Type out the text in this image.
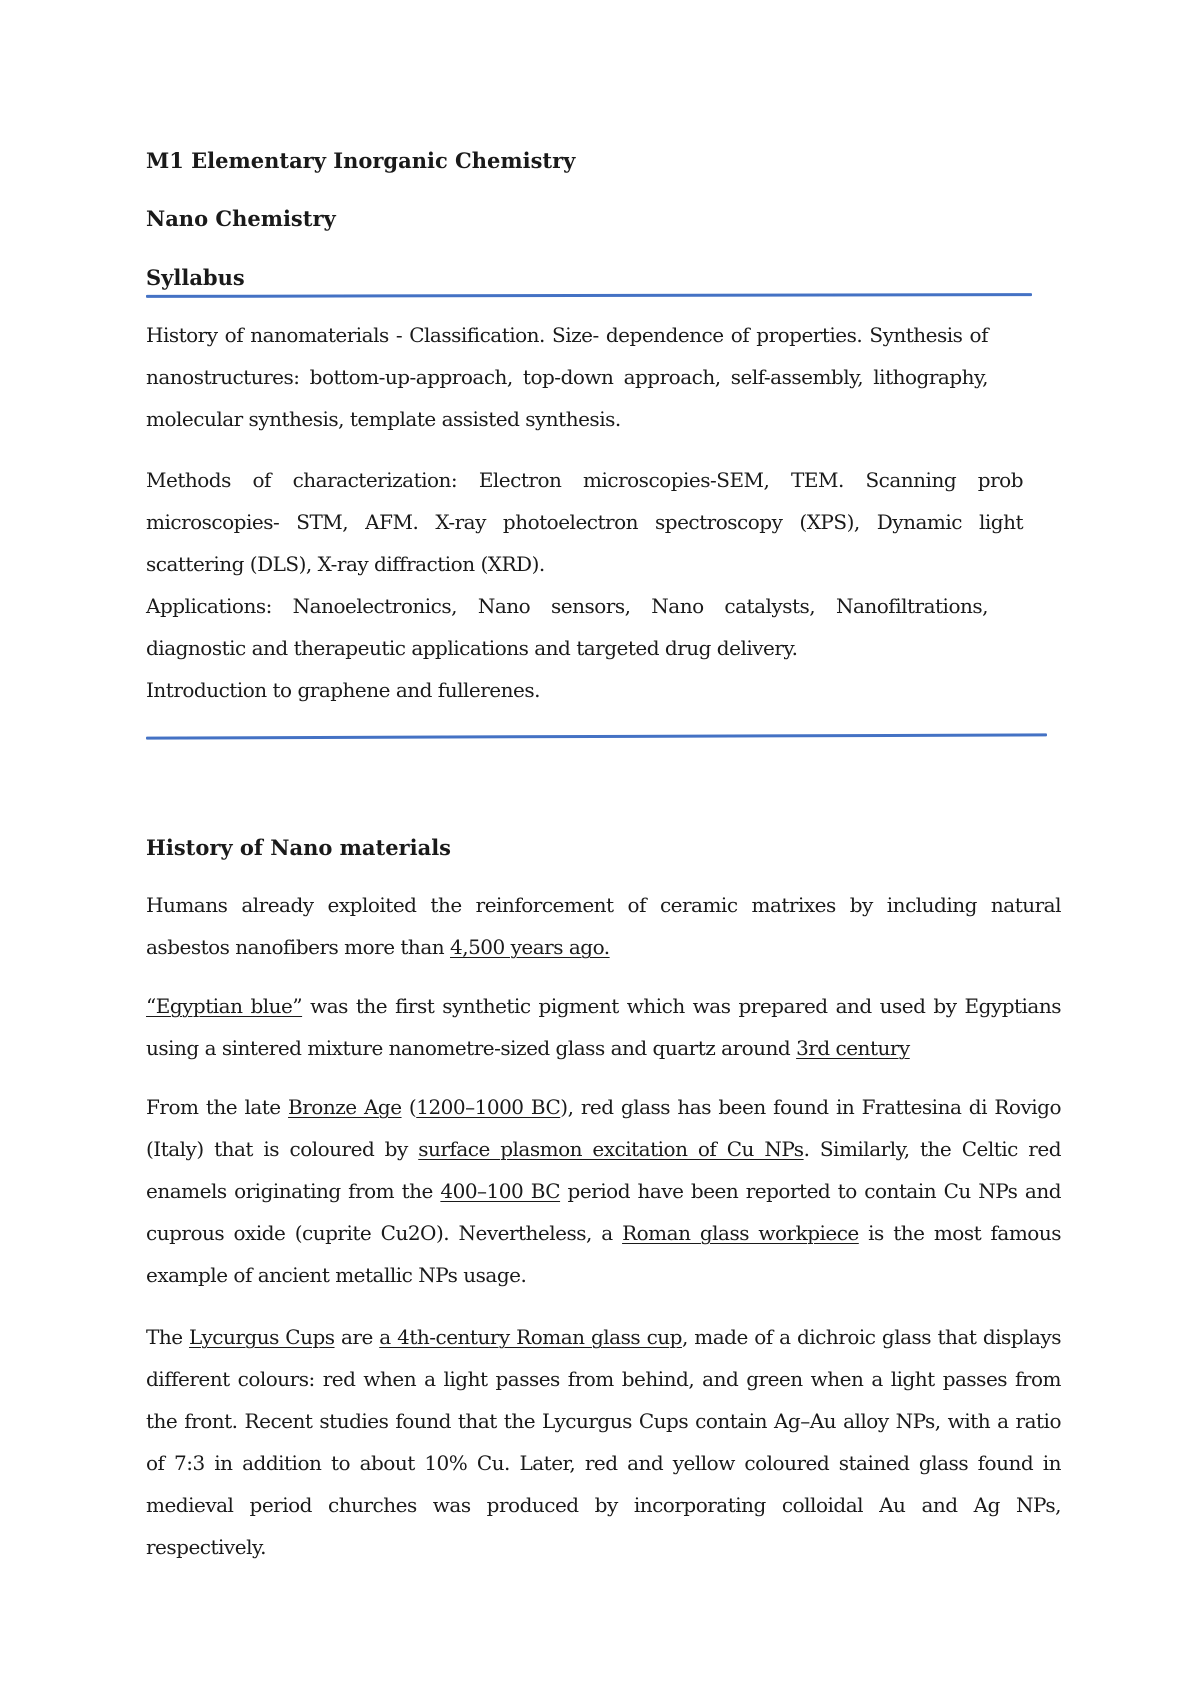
M1 Elementary Inorganic Chemistry
Nano Chemistry
Syllabus
History of nanomaterials - Classification. Size- dependence of properties. Synthesis of
nanostructures: bottom-up-approach, top-down approach, self-assembly, lithography,
molecular synthesis, template assisted synthesis.
Methods of characterization: Electron microscopies-SEM, TEM. Scanning prob
microscopies- STM, AFM. X-ray photoelectron spectroscopy (XPS), Dynamic light
scattering (DLS), X-ray diffraction (XRD).
Applications: Nanoelectronics, Nano sensors, Nano catalysts, Nanofiltrations,
diagnostic and therapeutic applications and targeted drug delivery.
Introduction to graphene and fullerenes.
History of Nano materials
Humans already exploited the reinforcement of ceramic matrixes by including natural
asbestos nanofibers more than 4,500 years ago.
“Egyptian blue” was the first synthetic pigment which was prepared and used by Egyptians
using a sintered mixture nanometre-sized glass and quartz around 3rd century
From the late Bronze Age (1200–1000 BC), red glass has been found in Frattesina di Rovigo
(Italy) that is coloured by surface plasmon excitation of Cu NPs. Similarly, the Celtic red
enamels originating from the 400–100 BC period have been reported to contain Cu NPs and
cuprous oxide (cuprite Cu2O). Nevertheless, a Roman glass workpiece is the most famous
example of ancient metallic NPs usage.
The Lycurgus Cups are a 4th-century Roman glass cup, made of a dichroic glass that displays
different colours: red when a light passes from behind, and green when a light passes from
the front. Recent studies found that the Lycurgus Cups contain Ag–Au alloy NPs, with a ratio
of 7:3 in addition to about 10% Cu. Later, red and yellow coloured stained glass found in
medieval period churches was produced by incorporating colloidal Au and Ag NPs,
respectively.
